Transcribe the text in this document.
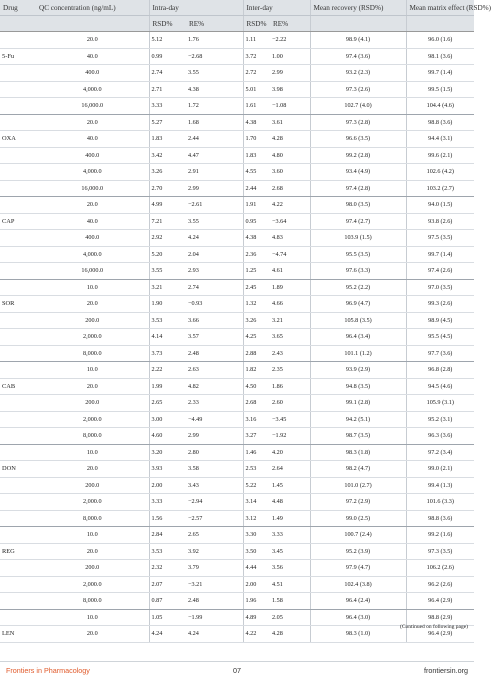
Drug	QC concentration (ng/mL)	Intra-day		Inter-day		Mean recovery (RSD%)	Mean matrix effect (RSD%)
		RSD%	RE%	RSD%	RE%		
	20.0	5.12	1.76	1.11	−2.22	98.9 (4.1)	96.0 (1.6)
5-Fu	40.0	0.99	−2.68	3.72	1.00	97.4 (3.6)	98.1 (3.6)
	400.0	2.74	3.55	2.72	2.99	93.2 (2.3)	99.7 (1.4)
	4,000.0	2.71	4.38	5.01	3.98	97.3 (2.6)	99.5 (1.5)
	16,000.0	3.33	1.72	1.61	−1.08	102.7 (4.0)	104.4 (4.6)
	20.0	5.27	1.68	4.38	3.61	97.3 (2.8)	98.8 (3.6)
OXA	40.0	1.83	2.44	1.70	4.28	96.6 (3.5)	94.4 (3.1)
	400.0	3.42	4.47	1.83	4.80	99.2 (2.8)	99.6 (2.1)
	4,000.0	3.26	2.91	4.55	3.60	93.4 (4.9)	102.6 (4.2)
	16,000.0	2.70	2.99	2.44	2.68	97.4 (2.8)	103.2 (2.7)
	20.0	4.99	−2.61	1.91	4.22	98.0 (3.5)	94.0 (1.5)
CAP	40.0	7.21	3.55	0.95	−3.64	97.4 (2.7)	93.8 (2.6)
	400.0	2.92	4.24	4.38	4.83	103.9 (1.5)	97.5 (3.5)
	4,000.0	5.20	2.04	2.36	−4.74	95.5 (3.5)	99.7 (1.4)
	16,000.0	3.55	2.93	1.25	4.61	97.6 (3.3)	97.4 (2.6)
	10.0	3.21	2.74	2.45	1.89	95.2 (2.2)	97.0 (3.5)
SOR	20.0	1.90	−0.93	1.32	4.66	96.9 (4.7)	99.3 (2.6)
	200.0	3.53	3.66	3.26	3.21	105.8 (3.5)	98.9 (4.5)
	2,000.0	4.14	3.57	4.25	3.65	96.4 (3.4)	95.5 (4.5)
	8,000.0	3.73	2.48	2.88	2.43	101.1 (1.2)	97.7 (3.6)
	10.0	2.22	2.63	1.82	2.35	93.9 (2.9)	96.8 (2.8)
CAB	20.0	1.99	4.82	4.50	1.86	94.8 (3.5)	94.5 (4.6)
	200.0	2.65	2.33	2.68	2.60	99.1 (2.8)	105.9 (3.1)
	2,000.0	3.00	−4.49	3.16	−3.45	94.2 (5.1)	95.2 (3.1)
	8,000.0	4.60	2.99	3.27	−1.92	98.7 (3.5)	96.3 (3.6)
	10.0	3.20	2.80	1.46	4.20	98.3 (1.8)	97.2 (3.4)
DON	20.0	3.93	3.58	2.53	2.64	98.2 (4.7)	99.0 (2.1)
	200.0	2.00	3.43	5.22	1.45	101.0 (2.7)	99.4 (1.3)
	2,000.0	3.33	−2.94	3.14	4.48	97.2 (2.9)	101.6 (3.3)
	8,000.0	1.56	−2.57	3.12	1.49	99.0 (2.5)	98.8 (3.6)
	10.0	2.84	2.65	3.30	3.33	100.7 (2.4)	99.2 (1.6)
REG	20.0	3.53	3.92	3.50	3.45	95.2 (3.9)	97.3 (3.5)
	200.0	2.32	3.79	4.44	3.56	97.9 (4.7)	106.2 (2.6)
	2,000.0	2.07	−3.21	2.00	4.51	102.4 (3.8)	96.2 (2.6)
	8,000.0	0.87	2.48	1.96	1.58	96.4 (2.4)	96.4 (2.9)
	10.0	1.05	−1.99	4.89	2.05	96.4 (3.0)	98.8 (2.9)
LEN	20.0	4.24	4.24	4.22	4.28	98.3 (1.0)	96.4 (2.9)
(Continued on following page)
Frontiers in Pharmacology	07	frontiersin.org
